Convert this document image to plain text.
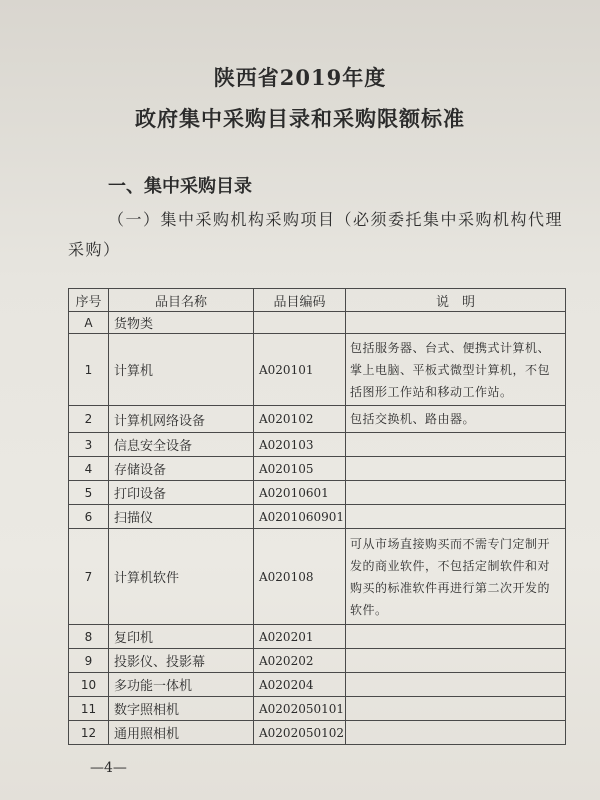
陕西省2019年度
政府集中采购目录和采购限额标准
一、集中采购目录
（一）集中采购机构采购项目（必须委托集中采购机构代理采购）
序号	品目名称	品目编码	说　明
A	货物类		
1	计算机	A020101	包括服务器、台式、便携式计算机、掌上电脑、平板式微型计算机，不包括图形工作站和移动工作站。
2	计算机网络设备	A020102	包括交换机、路由器。
3	信息安全设备	A020103	
4	存储设备	A020105	
5	打印设备	A02010601	
6	扫描仪	A0201060901	
7	计算机软件	A020108	可从市场直接购买而不需专门定制开发的商业软件，不包括定制软件和对购买的标准软件再进行第二次开发的软件。
8	复印机	A020201	
9	投影仪、投影幕	A020202	
10	多功能一体机	A020204	
11	数字照相机	A0202050101	
12	通用照相机	A0202050102	
—4—
